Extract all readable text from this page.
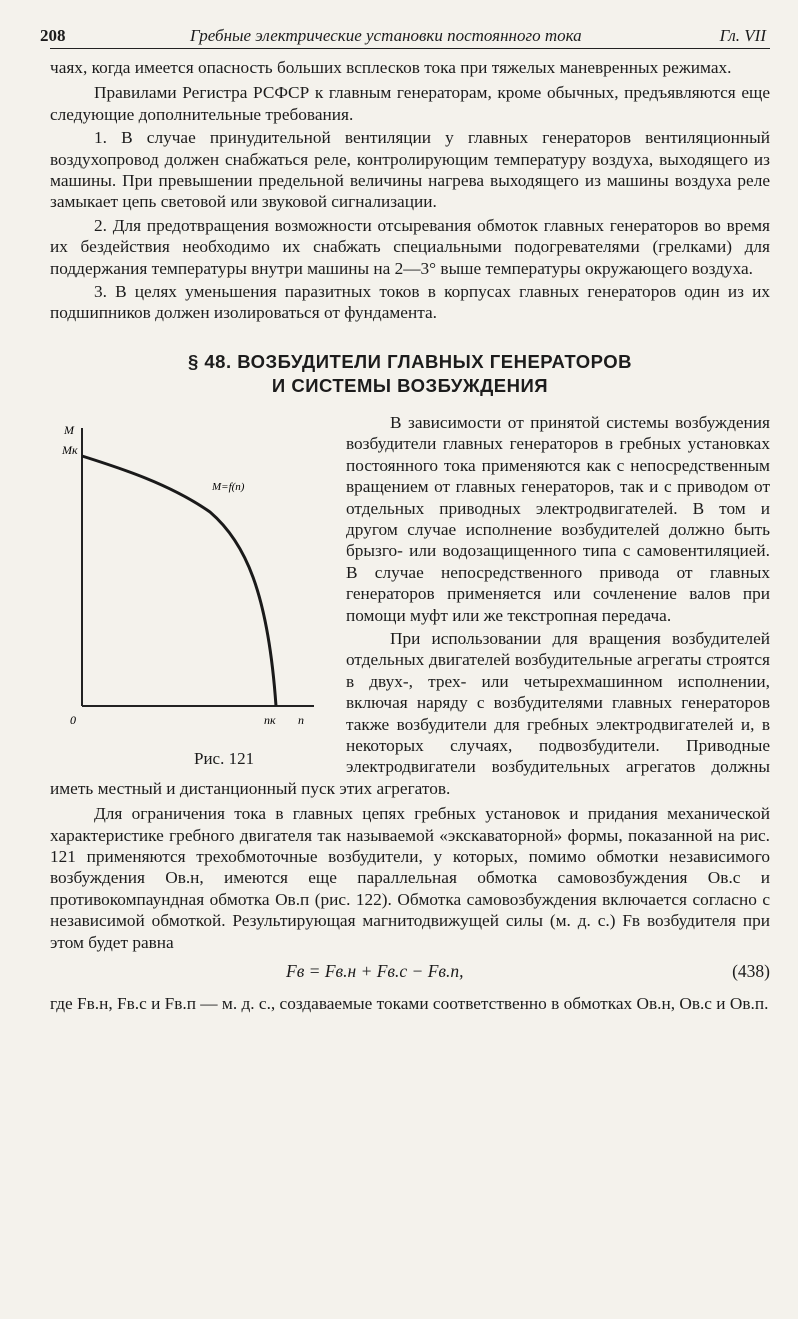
208	Гребные электрические установки постоянного тока	Гл. VII

чаях, когда имеется опасность больших всплесков тока при тяжелых маневренных режимах.

Правилами Регистра РСФСР к главным генераторам, кроме обычных, предъявляются еще следующие дополнительные требования.

1. В случае принудительной вентиляции у главных генераторов вентиляционный воздухопровод должен снабжаться реле, контролирующим температуру воздуха, выходящего из машины. При превышении предельной величины нагрева выходящего из машины воздуха реле замыкает цепь световой или звуковой сигнализации.

2. Для предотвращения возможности отсыревания обмоток главных генераторов во время их бездействия необходимо их снабжать специальными подогревателями (грелками) для поддержания температуры внутри машины на 2—3° выше температуры окружающего воздуха.

3. В целях уменьшения паразитных токов в корпусах главных генераторов один из их подшипников должен изолироваться от фундамента.

§ 48. ВОЗБУДИТЕЛИ ГЛАВНЫХ ГЕНЕРАТОРОВ
И СИСТЕМЫ ВОЗБУЖДЕНИЯ

M
Mк
0	nк n
M=f(n)
Рис. 121
В зависимости от принятой системы возбуждения возбудители главных генераторов в гребных установках постоянного тока применяются как с непосредственным вращением от главных генераторов, так и с приводом от отдельных приводных электродвигателей. В том и другом случае исполнение возбудителей должно быть брызго- или водозащищенного типа с самовентиляцией. В случае непосредственного привода от главных генераторов применяется или сочленение валов при помощи муфт или же текстропная передача.

При использовании для вращения возбудителей отдельных двигателей возбудительные агрегаты строятся в двух-, трех- или четырехмашинном исполнении, включая наряду с возбудителями главных генераторов также возбудители для гребных электродвигателей и, в некоторых случаях, подвозбудители. Приводные электродвигатели возбудительных агрегатов должны иметь местный и дистанционный пуск этих агрегатов.

Для ограничения тока в главных цепях гребных установок и придания механической характеристике гребного двигателя так называемой «экскаваторной» формы, показанной на рис. 121 применяются трехобмоточные возбудители, у которых, помимо обмотки независимого возбуждения Oв.н, имеются еще параллельная обмотка самовозбуждения Oв.с и противокомпаундная обмотка Oв.п (рис. 122). Обмотка самовозбуждения включается согласно с независимой обмоткой. Результирующая магнитодвижущей силы (м. д. с.) Fв возбудителя при этом будет равна

Fв = Fв.н + Fв.с − Fв.п,	(438)

где Fв.н, Fв.с и Fв.п — м. д. с., создаваемые токами соответственно в обмотках Oв.н, Oв.с и Oв.п.
